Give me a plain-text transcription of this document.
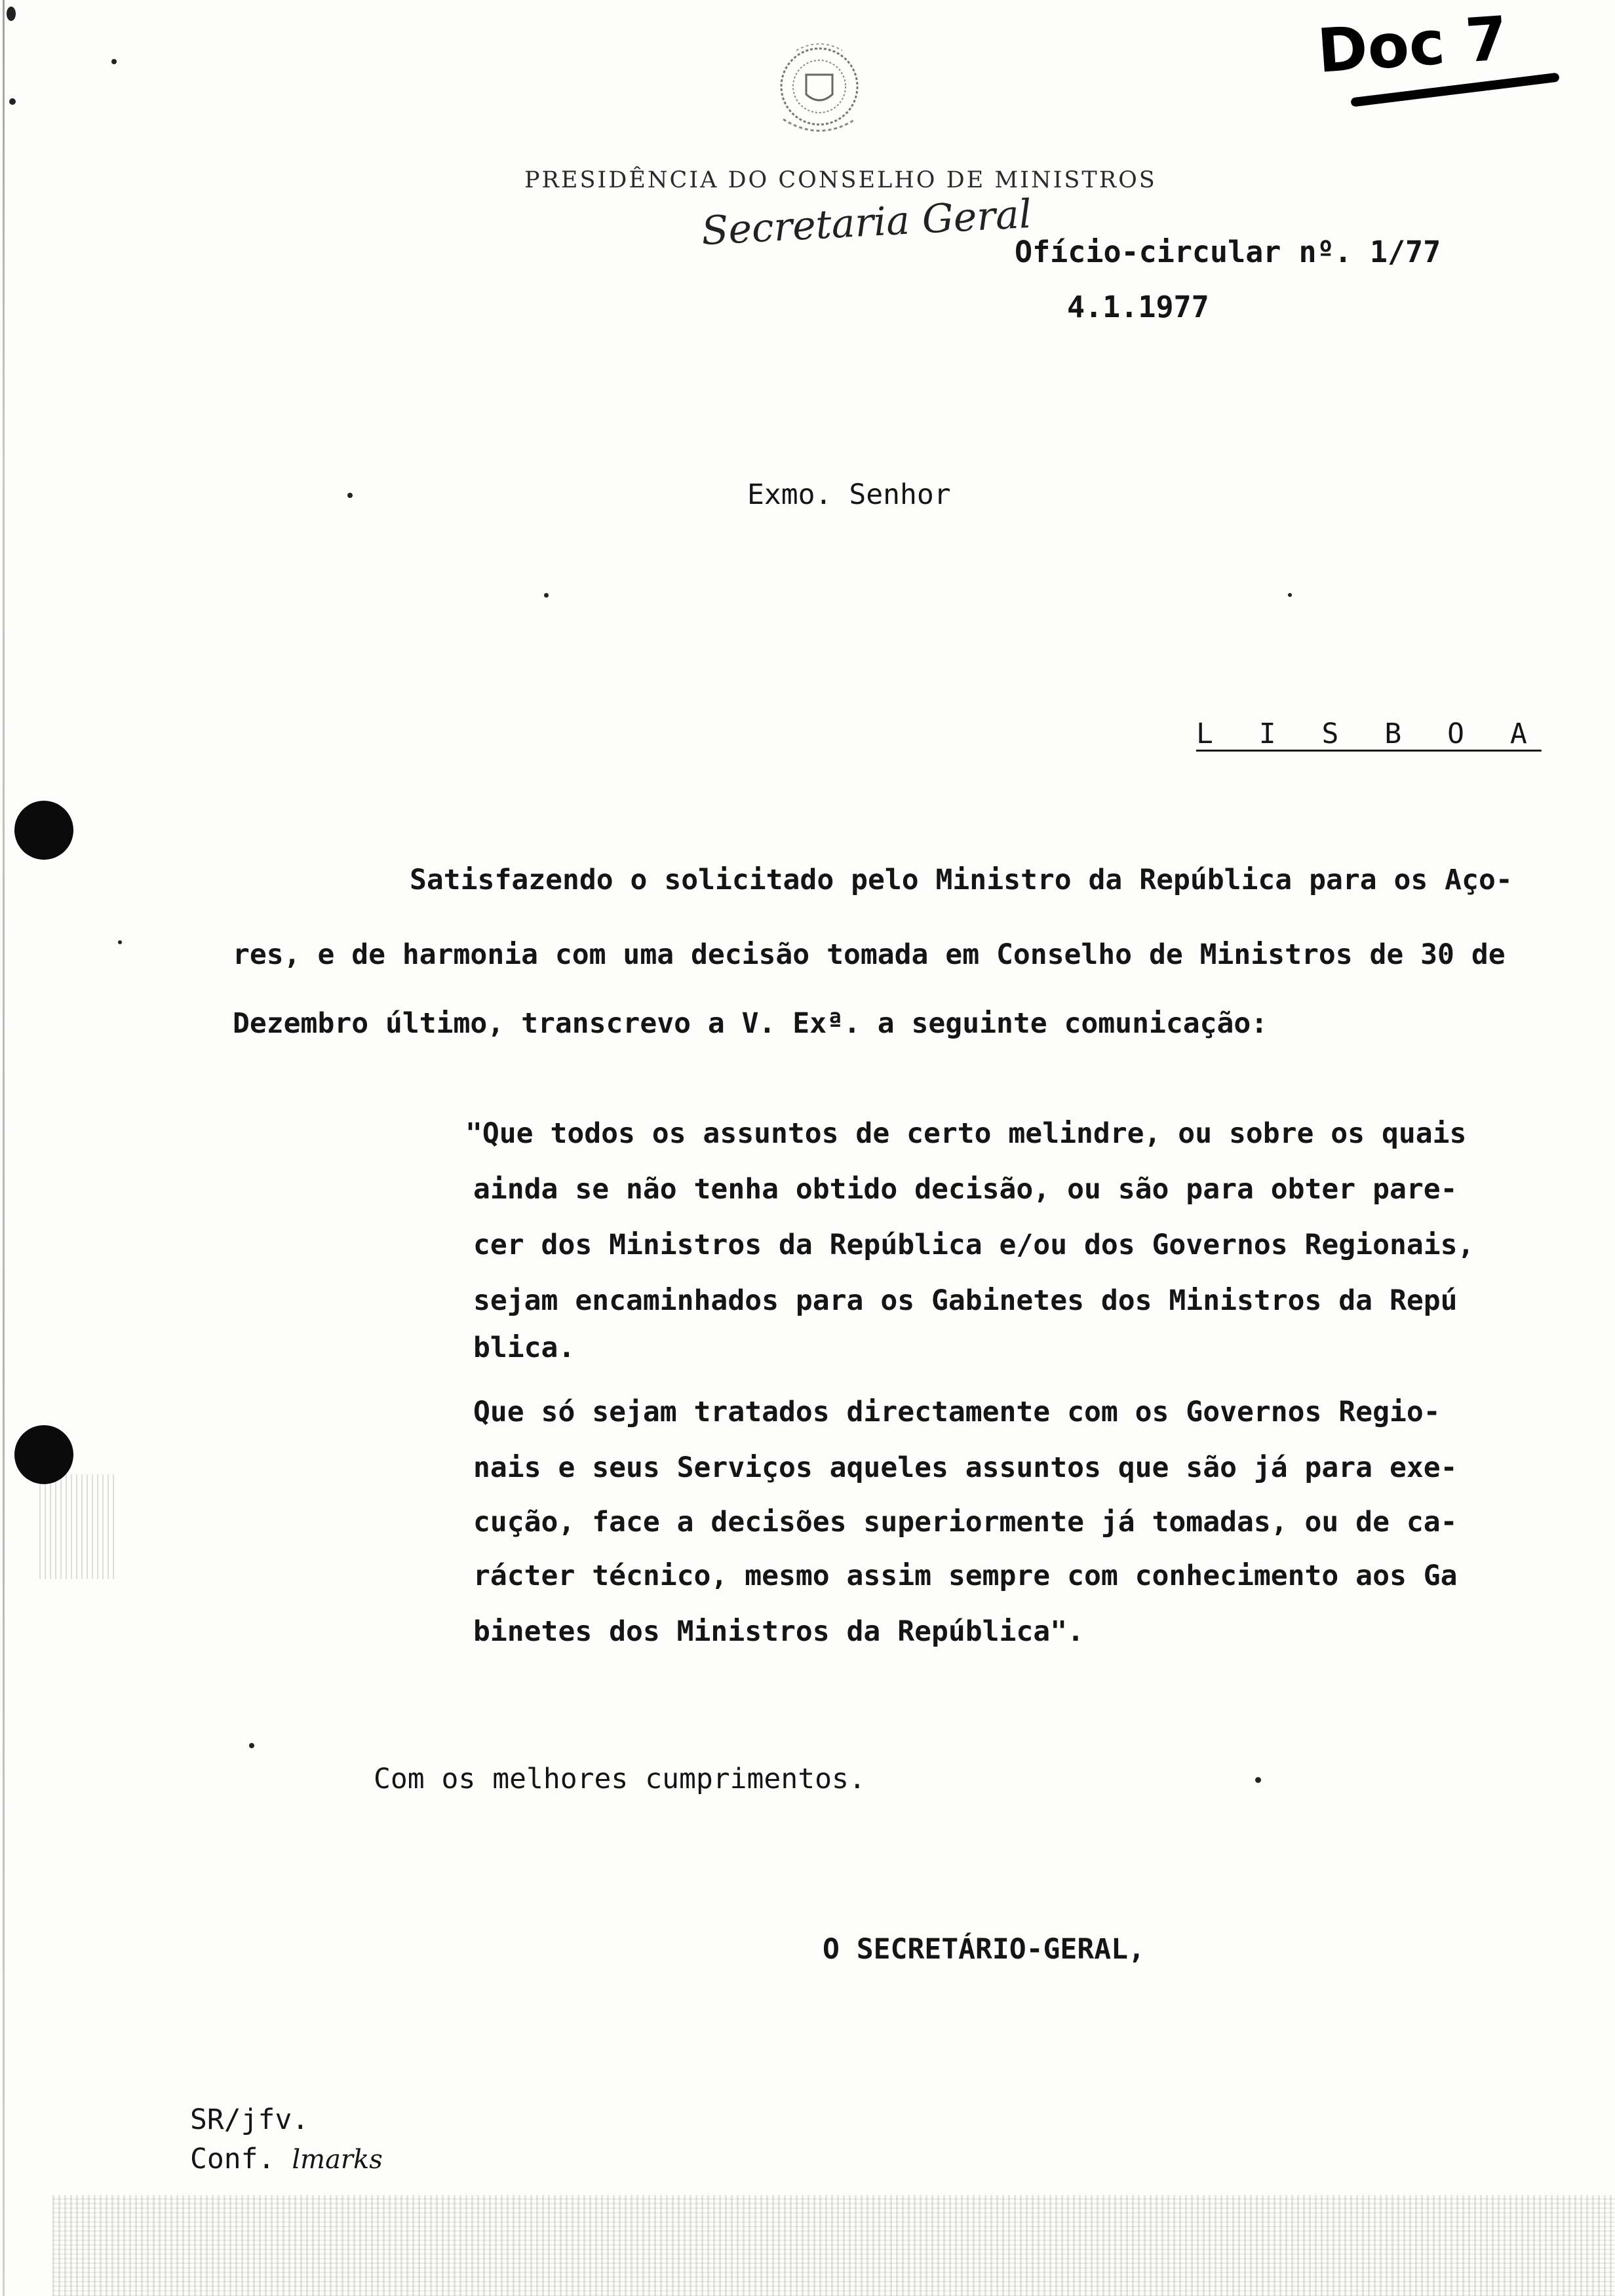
Doc 7
PRESIDÊNCIA DO CONSELHO DE MINISTROS
Secretaria Geral
Ofício-circular nº. 1/77
4.1.1977
Exmo. Senhor
L I S B O A
Satisfazendo o solicitado pelo Ministro da República para os Aço-
res, e de harmonia com uma decisão tomada em Conselho de Ministros de 30 de
Dezembro último, transcrevo a V. Exª. a seguinte comunicação:
"Que todos os assuntos de certo melindre, ou sobre os quais
ainda se não tenha obtido decisão, ou são para obter pare-
cer dos Ministros da República e/ou dos Governos Regionais,
sejam encaminhados para os Gabinetes dos Ministros da Repú
blica.
Que só sejam tratados directamente com os Governos Regio-
nais e seus Serviços aqueles assuntos que são já para exe-
cução, face a decisões superiormente já tomadas, ou de ca-
rácter técnico, mesmo assim sempre com conhecimento aos Ga
binetes dos Ministros da República".
Com os melhores cumprimentos.
O SECRETÁRIO-GERAL,
SR/jfv.
Conf. lmarks
